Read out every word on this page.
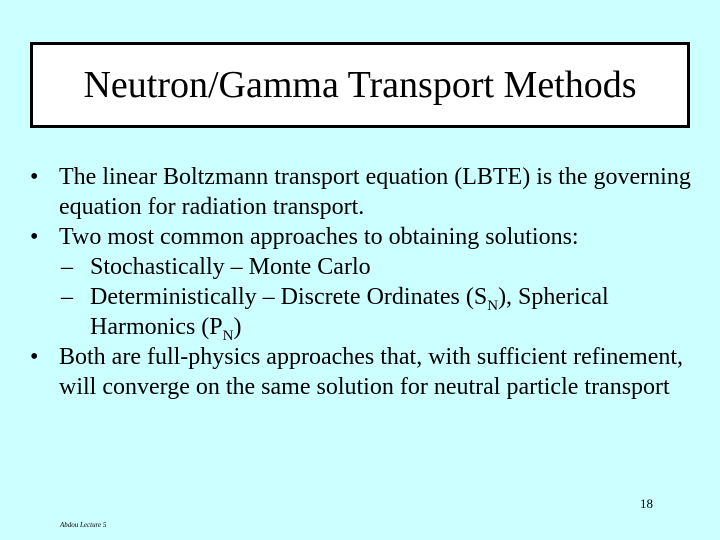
Neutron/Gamma Transport Methods
• The linear Boltzmann transport equation (LBTE) is the governing equation for radiation transport.
• Two most common approaches to obtaining solutions:
– Stochastically – Monte Carlo
– Deterministically – Discrete Ordinates $(S_N)$, Spherical
Harmonics $(P_N)$
• Both are full-physics approaches that, with sufficient refinement, will converge on the same solution for neutral particle transport
18
Abdou Lecture 5
